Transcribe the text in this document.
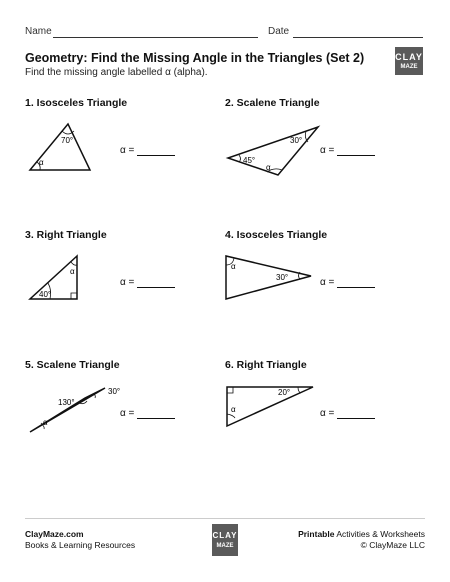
Name	Date
Geometry: Find the Missing Angle in the Triangles (Set 2)
Find the missing angle labelled α (alpha).
CLAY
MAZE
1. Isosceles Triangle
70°
α
α =
2. Scalene Triangle
30°
45°
α
α =
3. Right Triangle
α
40°
α =
4. Isosceles Triangle
α
30°	α =
5. Scalene Triangle
130°
30°
α
α =
6. Right Triangle
20°
α	α =
ClayMaze.com
Books & Learning Resources
CLAY
MAZE
Printable Activities & Worksheets
© ClayMaze LLC
